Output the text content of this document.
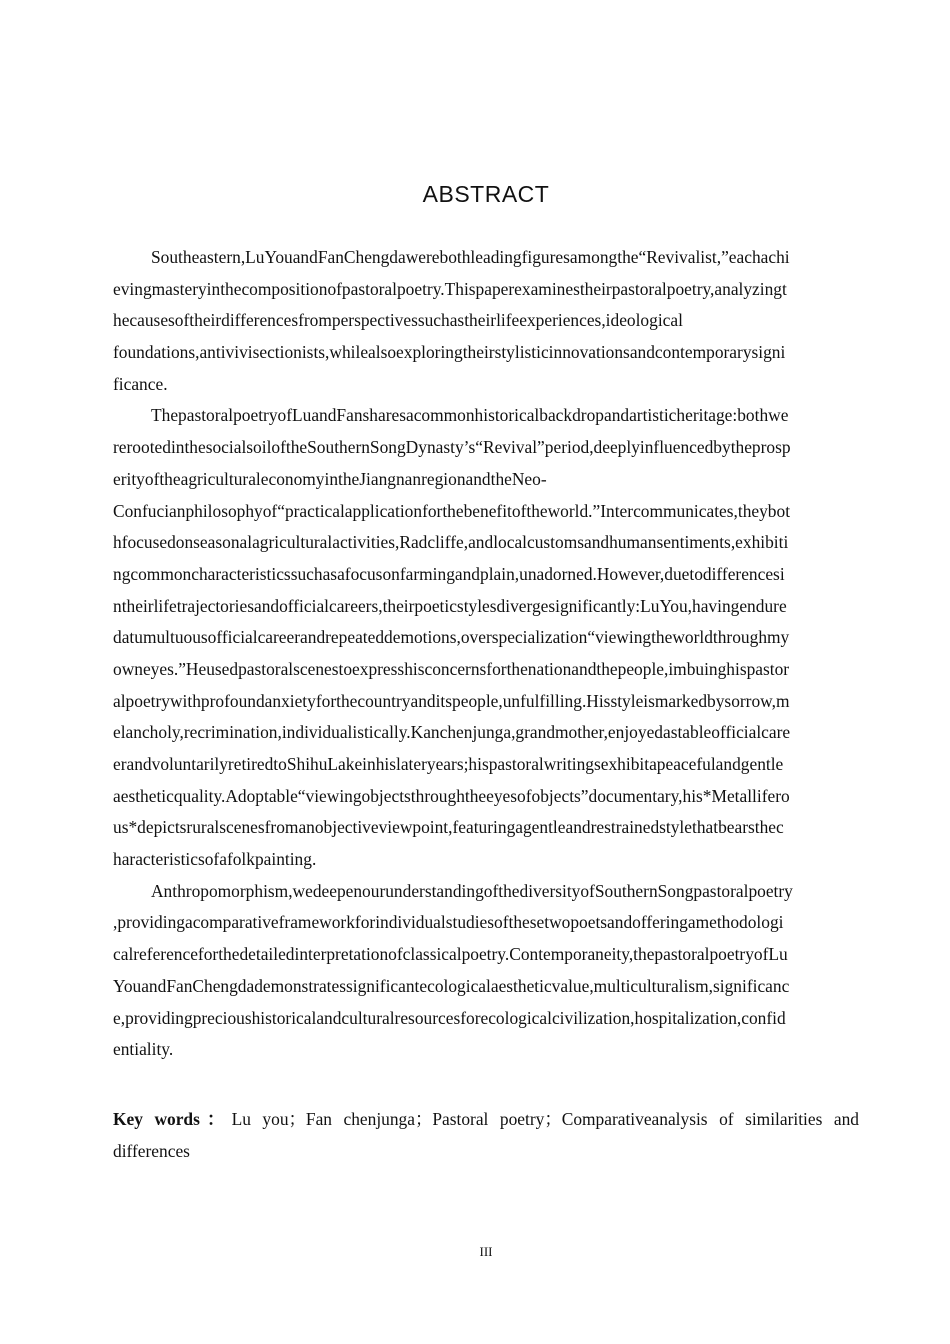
ABSTRACT
Southeastern,LuYouandFanChengdawerebothleadingfiguresamongthe“Revivalist,”eachachi
evingmasteryinthecompositionofpastoralpoetry.Thispaperexaminestheirpastoralpoetry,analyzingt
hecausesoftheirdifferencesfromperspectivessuchastheirlifeexperiences,ideological
foundations,antivivisectionists,whilealsoexploringtheirstylisticinnovationsandcontemporarysigni
ficance.
ThepastoralpoetryofLuandFansharesacommonhistoricalbackdropandartisticheritage:bothwe
rerootedinthesocialsoiloftheSouthernSongDynasty’s“Revival”period,deeplyinfluencedbytheprosp
erityoftheagriculturaleconomyintheJiangnanregionandtheNeo-
Confucianphilosophyof“practicalapplicationforthebenefitoftheworld.”Intercommunicates,theybot
hfocusedonseasonalagriculturalactivities,Radcliffe,andlocalcustomsandhumansentiments,exhibiti
ngcommoncharacteristicssuchasafocusonfarmingandplain,unadorned.However,duetodifferencesi
ntheirlifetrajectoriesandofficialcareers,theirpoeticstylesdivergesignificantly:LuYou,havingendure
datumultuousofficialcareerandrepeateddemotions,overspecialization“viewingtheworldthroughmy
owneyes.”Heusedpastoralscenestoexpresshisconcernsforthenationandthepeople,imbuinghispastor
alpoetrywithprofoundanxietyforthecountryanditspeople,unfulfilling.Hisstyleismarkedbysorrow,m
elancholy,recrimination,individualistically.Kanchenjunga,grandmother,enjoyedastableofficialcare
erandvoluntarilyretiredtoShihuLakeinhislateryears;hispastoralwritingsexhibitapeacefulandgentle
aestheticquality.Adoptable“viewingobjectsthroughtheeyesofobjects”documentary,his*Metallifero
us*depictsruralscenesfromanobjectiveviewpoint,featuringagentleandrestrainedstylethatbearsthec
haracteristicsofafolkpainting.
Anthropomorphism,wedeepenourunderstandingofthediversityofSouthernSongpastoralpoetry
,providingacomparativeframeworkforindividualstudiesofthesetwopoetsandofferingamethodologi
calreferenceforthedetailedinterpretationofclassicalpoetry.Contemporaneity,thepastoralpoetryofLu
YouandFanChengdademonstratessignificantecologicalaestheticvalue,multiculturalism,significanc
e,providingprecioushistoricalandculturalresourcesforecologicalcivilization,hospitalization,confid
entiality.
Key words：Lu you；Fan chenjunga；Pastoral poetry；Comparativeanalysis of similarities and differences
III
